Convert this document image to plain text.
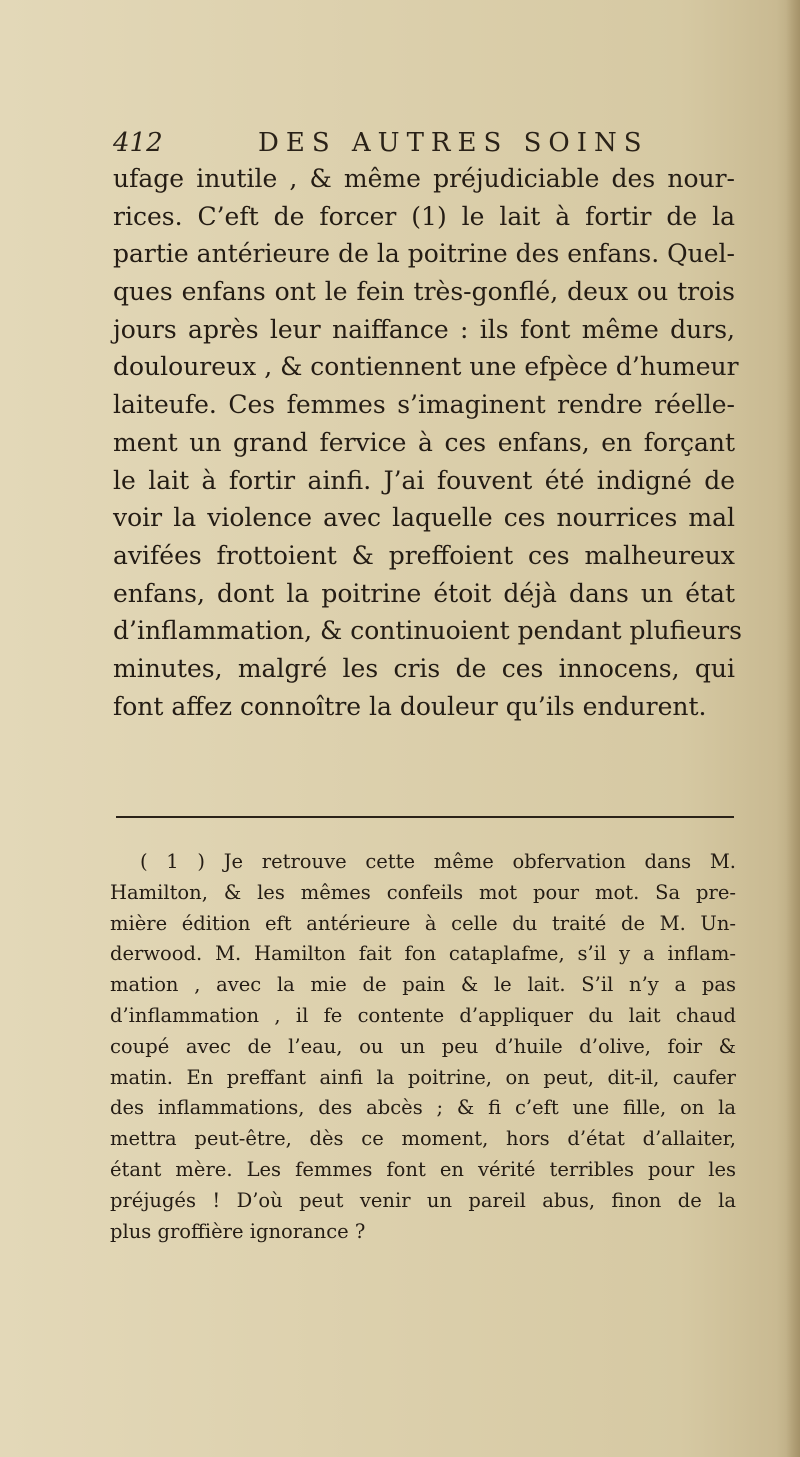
412	DES AUTRES SOINS
ufage inutile , & même préjudiciable des nour-
rices. C’eft de forcer (1) le lait à fortir de la
partie antérieure de la poitrine des enfans. Quel-
ques enfans ont le fein très-gonflé, deux ou trois
jours après leur naiffance : ils font même durs,
douloureux , & contiennent une efpèce d’humeur
laiteufe. Ces femmes s’imaginent rendre réelle-
ment un grand fervice à ces enfans, en forçant
le lait à fortir ainfi. J’ai fouvent été indigné de
voir la violence avec laquelle ces nourrices mal
avifées frottoient & preffoient ces malheureux
enfans, dont la poitrine étoit déjà dans un état
d’inflammation, & continuoient pendant plufieurs
minutes, malgré les cris de ces innocens, qui
font affez connoître la douleur qu’ils endurent.
( 1 ) Je retrouve cette même obfervation dans M.
Hamilton, & les mêmes confeils mot pour mot. Sa pre-
mière édition eft antérieure à celle du traité de M. Un-
derwood. M. Hamilton fait fon cataplafme, s’il y a inflam-
mation , avec la mie de pain & le lait. S’il n’y a pas
d’inflammation , il fe contente d’appliquer du lait chaud
coupé avec de l’eau, ou un peu d’huile d’olive, foir &
matin. En preffant ainfi la poitrine, on peut, dit-il, caufer
des inflammations, des abcès ; & fi c’eft une fille, on la
mettra peut-être, dès ce moment, hors d’état d’allaiter,
étant mère. Les femmes font en vérité terribles pour les
préjugés ! D’où peut venir un pareil abus, finon de la
plus groffière ignorance ?
